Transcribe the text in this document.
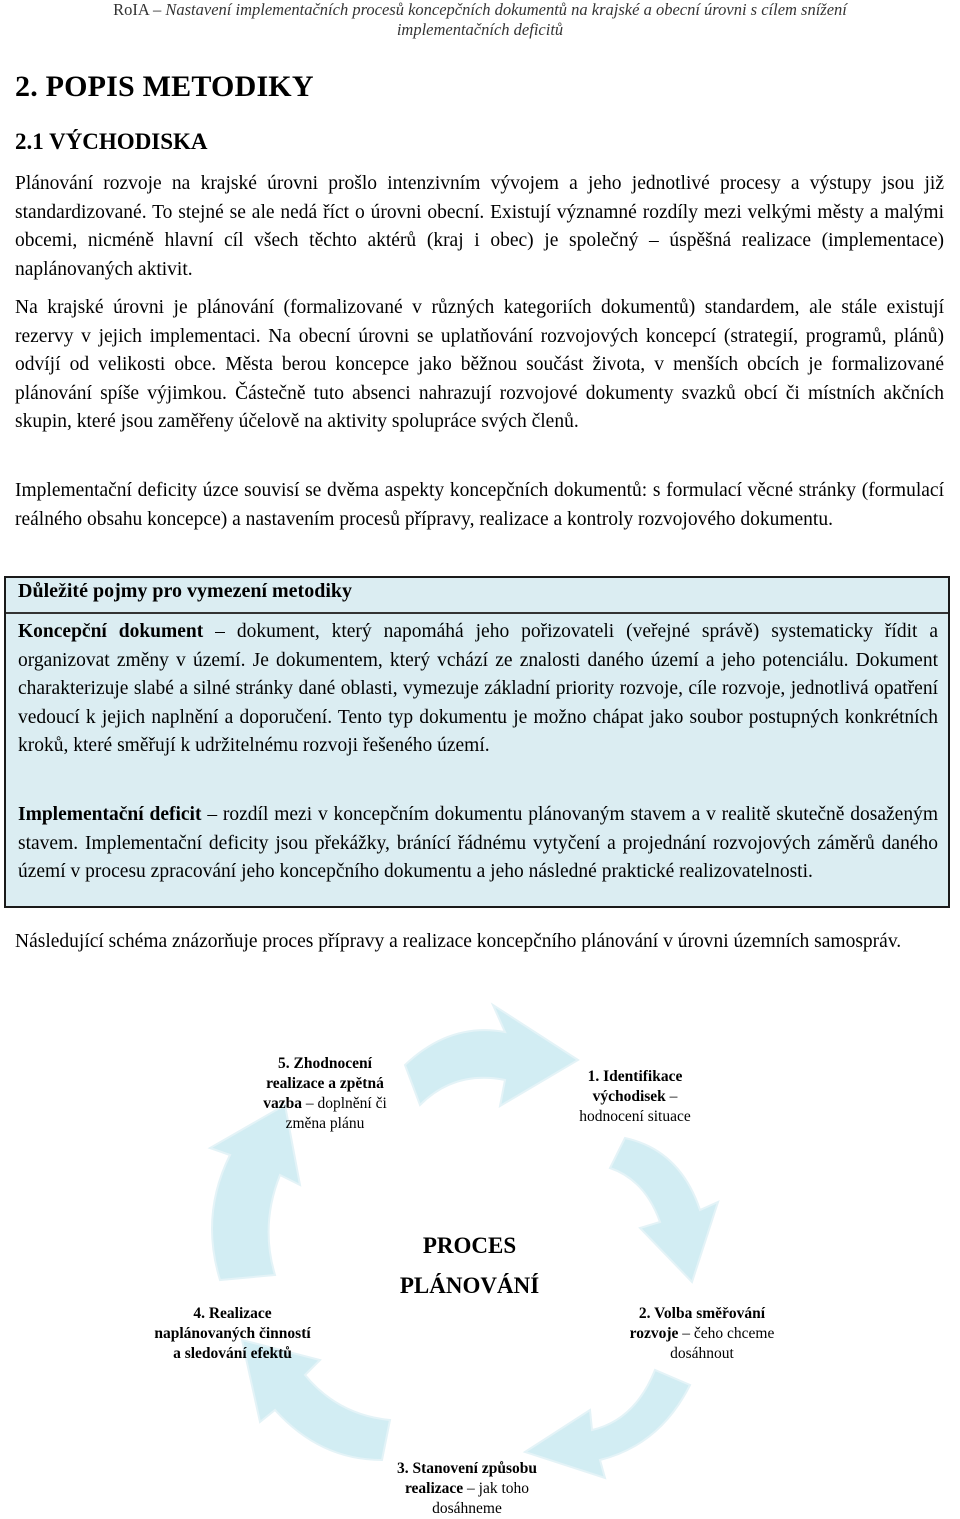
RoIA – Nastavení implementačních procesů koncepčních dokumentů na krajské a obecní úrovni s cílem snížení
implementačních deficitů
2. POPIS METODIKY
2.1 VÝCHODISKA

Plánování rozvoje na krajské úrovni prošlo intenzivním vývojem a jeho jednotlivé procesy a výstupy jsou již standardizované. To stejné se ale nedá říct o úrovni obecní. Existují významné rozdíly mezi velkými městy a malými obcemi, nicméně hlavní cíl všech těchto aktérů (kraj i obec) je společný – úspěšná realizace (implementace) naplánovaných aktivit.

Na krajské úrovni je plánování (formalizované v různých kategoriích dokumentů) standardem, ale stále existují rezervy v jejich implementaci. Na obecní úrovni se uplatňování rozvojových koncepcí (strategií, programů, plánů) odvíjí od velikosti obce. Města berou koncepce jako běžnou součást života, v menších obcích je formalizované plánování spíše výjimkou. Částečně tuto absenci nahrazují rozvojové dokumenty svazků obcí či místních akčních skupin, které jsou zaměřeny účelově na aktivity spolupráce svých členů.

Implementační deficity úzce souvisí se dvěma aspekty koncepčních dokumentů: s formulací věcné stránky (formulací reálného obsahu koncepce) a nastavením procesů přípravy, realizace a kontroly rozvojového dokumentu.

Důležité pojmy pro vymezení metodiky

Koncepční dokument – dokument, který napomáhá jeho pořizovateli (veřejné správě) systematicky řídit a organizovat změny v území. Je dokumentem, který vchází ze znalosti daného území a jeho potenciálu. Dokument charakterizuje slabé a silné stránky dané oblasti, vymezuje základní priority rozvoje, cíle rozvoje, jednotlivá opatření vedoucí k jejich naplnění a doporučení. Tento typ dokumentu je možno chápat jako soubor postupných konkrétních kroků, které směřují k udržitelnému rozvoji řešeného území.

Implementační deficit – rozdíl mezi v koncepčním dokumentu plánovaným stavem a v realitě skutečně dosaženým stavem. Implementační deficity jsou překážky, bránící řádnému vytyčení a projednání rozvojových záměrů daného území v procesu zpracování jeho koncepčního dokumentu a jeho následné praktické realizovatelnosti.

Následující schéma znázorňuje proces přípravy a realizace koncepčního plánování v úrovni územních samospráv.

5. Zhodnocení realizace a zpětná vazba – doplnění či změna plánu
1. Identifikace východisek – hodnocení situace
2. Volba směřování rozvoje – čeho chceme dosáhnout
3. Stanovení způsobu realizace – jak toho dosáhneme
4. Realizace naplánovaných činností a sledování efektů
PROCES
PLÁNOVÁNÍ
